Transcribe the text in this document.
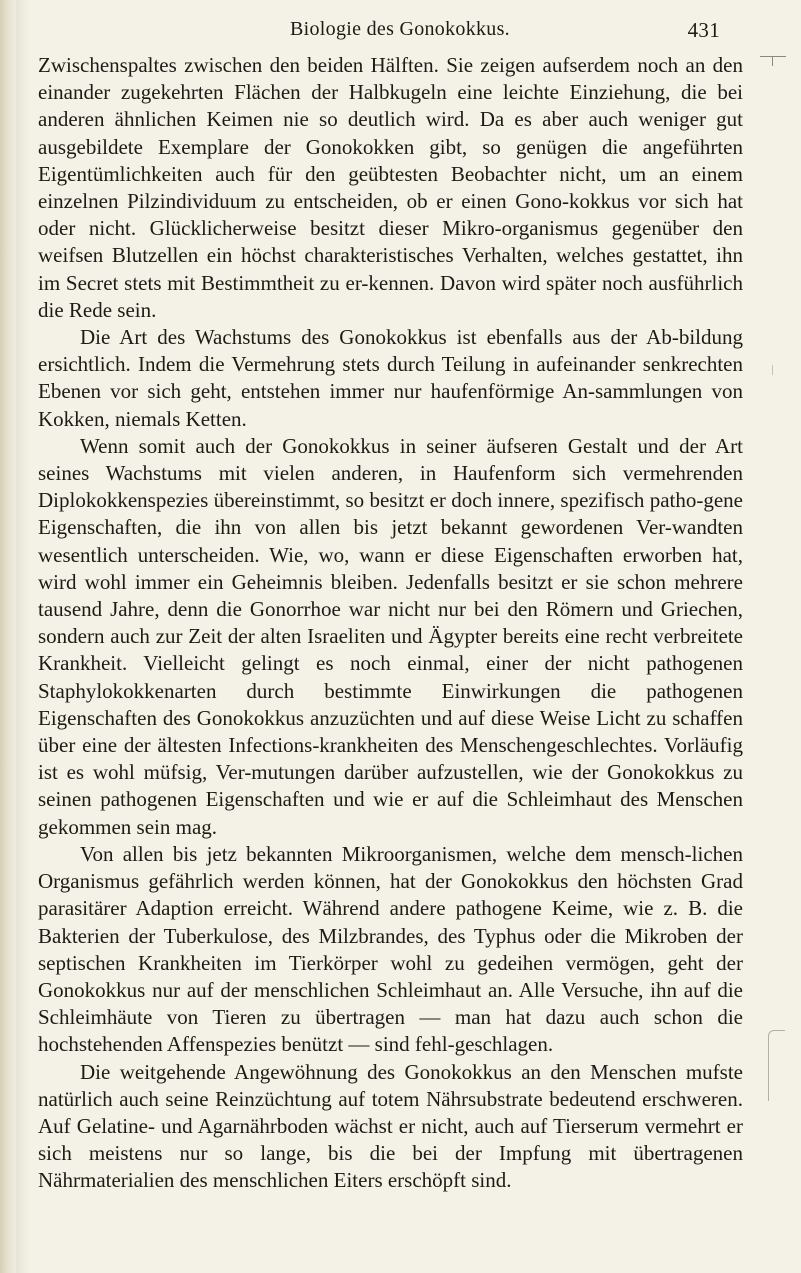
Biologie des Gonokokkus.	431

Zwischenspaltes zwischen den beiden Hälften. Sie zeigen aufserdem noch an den einander zugekehrten Flächen der Halbkugeln eine leichte Einziehung, die bei anderen ähnlichen Keimen nie so deutlich wird. Da es aber auch weniger gut ausgebildete Exemplare der Gonokokken gibt, so genügen die angeführten Eigentümlichkeiten auch für den geübtesten Beobachter nicht, um an einem einzelnen Pilzindividuum zu entscheiden, ob er einen Gono-kokkus vor sich hat oder nicht. Glücklicherweise besitzt dieser Mikro-organismus gegenüber den weifsen Blutzellen ein höchst charakteristisches Verhalten, welches gestattet, ihn im Secret stets mit Bestimmtheit zu er-kennen. Davon wird später noch ausführlich die Rede sein.

Die Art des Wachstums des Gonokokkus ist ebenfalls aus der Ab-bildung ersichtlich. Indem die Vermehrung stets durch Teilung in aufeinander senkrechten Ebenen vor sich geht, entstehen immer nur haufenförmige An-sammlungen von Kokken, niemals Ketten.

Wenn somit auch der Gonokokkus in seiner äufseren Gestalt und der Art seines Wachstums mit vielen anderen, in Haufenform sich vermehrenden Diplokokkenspezies übereinstimmt, so besitzt er doch innere, spezifisch patho-gene Eigenschaften, die ihn von allen bis jetzt bekannt gewordenen Ver-wandten wesentlich unterscheiden. Wie, wo, wann er diese Eigenschaften erworben hat, wird wohl immer ein Geheimnis bleiben. Jedenfalls besitzt er sie schon mehrere tausend Jahre, denn die Gonorrhoe war nicht nur bei den Römern und Griechen, sondern auch zur Zeit der alten Israeliten und Ägypter bereits eine recht verbreitete Krankheit. Vielleicht gelingt es noch einmal, einer der nicht pathogenen Staphylokokkenarten durch bestimmte Einwirkungen die pathogenen Eigenschaften des Gonokokkus anzuzüchten und auf diese Weise Licht zu schaffen über eine der ältesten Infections-krankheiten des Menschengeschlechtes. Vorläufig ist es wohl müfsig, Ver-mutungen darüber aufzustellen, wie der Gonokokkus zu seinen pathogenen Eigenschaften und wie er auf die Schleimhaut des Menschen gekommen sein mag.

Von allen bis jetz bekannten Mikroorganismen, welche dem mensch-lichen Organismus gefährlich werden können, hat der Gonokokkus den höchsten Grad parasitärer Adaption erreicht. Während andere pathogene Keime, wie z. B. die Bakterien der Tuberkulose, des Milzbrandes, des Typhus oder die Mikroben der septischen Krankheiten im Tierkörper wohl zu gedeihen vermögen, geht der Gonokokkus nur auf der menschlichen Schleimhaut an. Alle Versuche, ihn auf die Schleimhäute von Tieren zu übertragen — man hat dazu auch schon die hochstehenden Affenspezies benützt — sind fehl-geschlagen.

Die weitgehende Angewöhnung des Gonokokkus an den Menschen mufste natürlich auch seine Reinzüchtung auf totem Nährsubstrate bedeutend erschweren. Auf Gelatine- und Agarnährboden wächst er nicht, auch auf Tierserum vermehrt er sich meistens nur so lange, bis die bei der Impfung mit übertragenen Nährmaterialien des menschlichen Eiters erschöpft sind.
